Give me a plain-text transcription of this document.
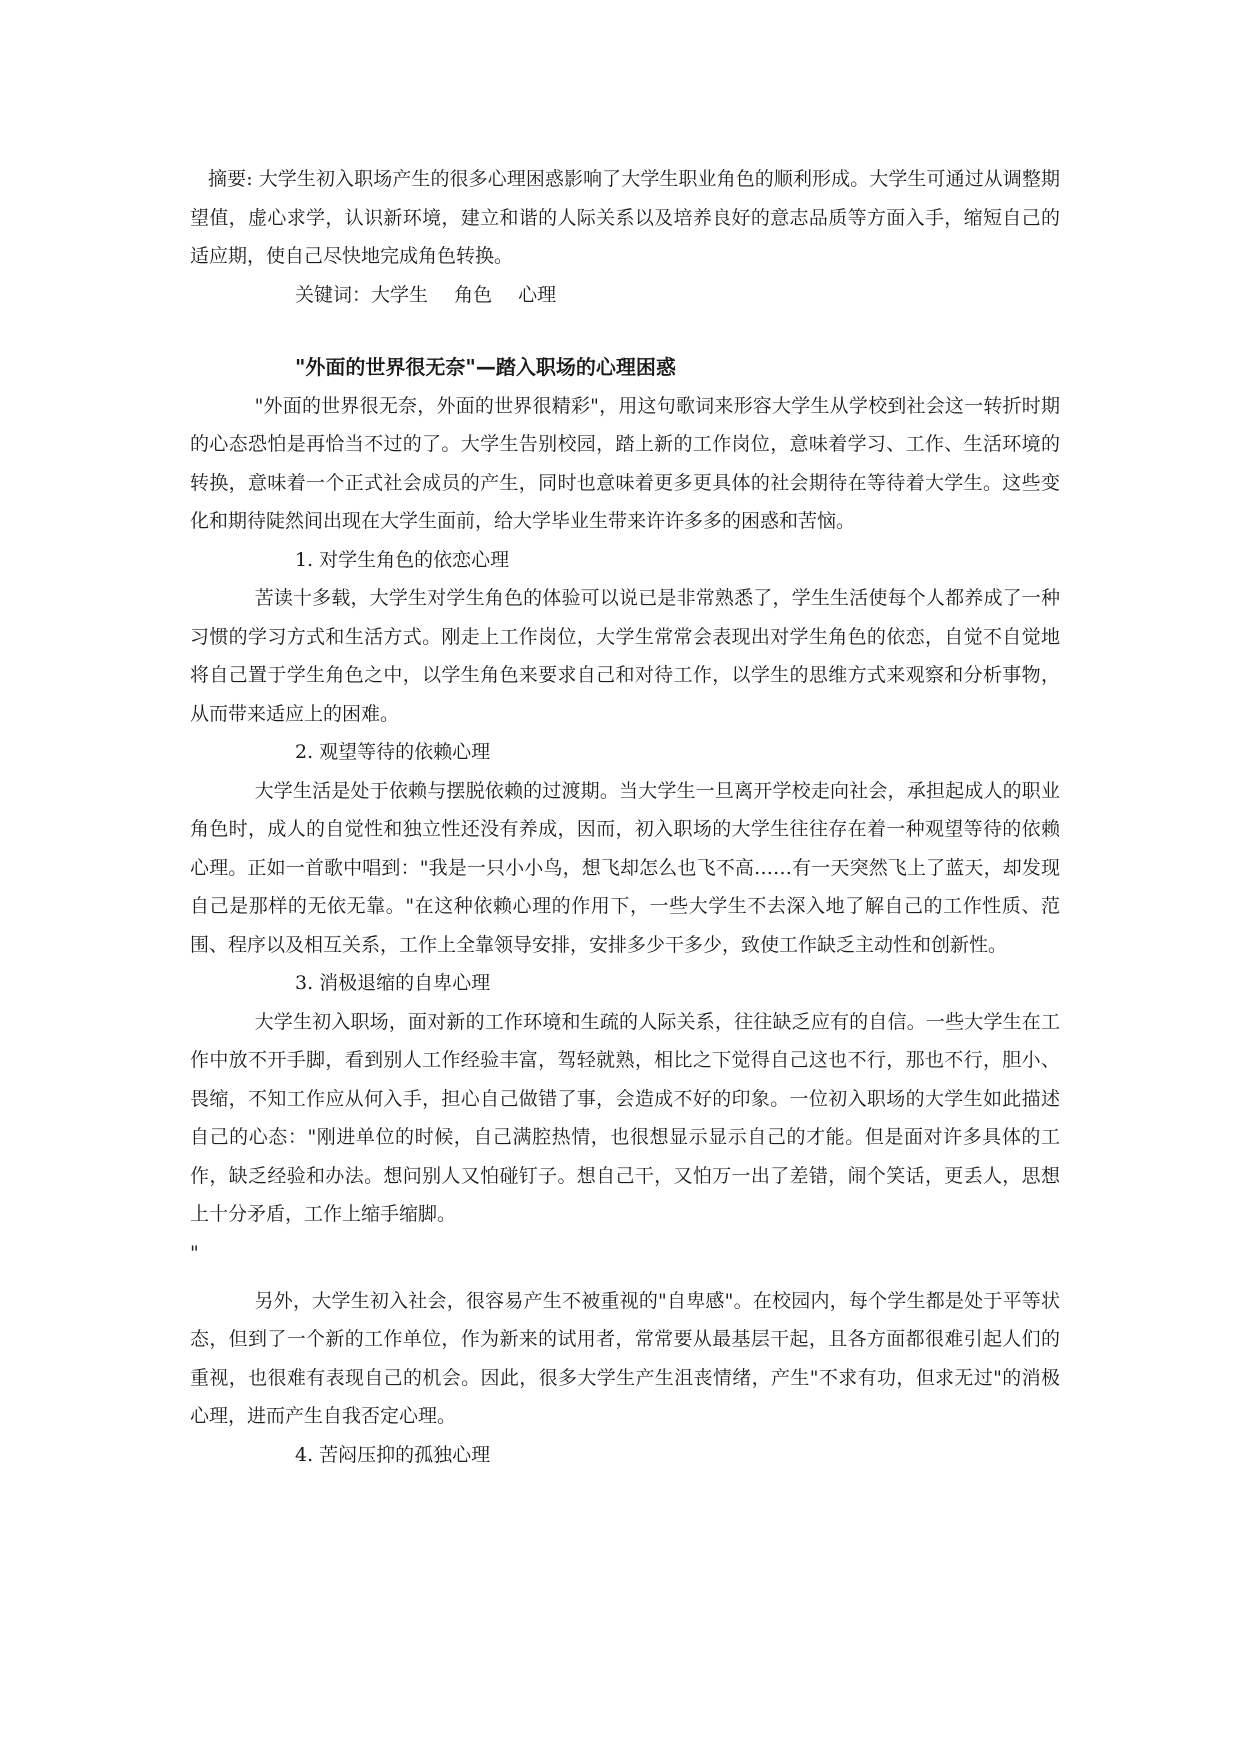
摘要: 大学生初入职场产生的很多心理困惑影响了大学生职业角色的顺利形成。大学生可通过从调整期望值，虚心求学，认识新环境，建立和谐的人际关系以及培养良好的意志品质等方面入手，缩短自己的适应期，使自己尽快地完成角色转换。

关键词：大学生 角色 心理

"外面的世界很无奈"—踏入职场的心理困惑

"外面的世界很无奈，外面的世界很精彩"，用这句歌词来形容大学生从学校到社会这一转折时期的心态恐怕是再恰当不过的了。大学生告别校园，踏上新的工作岗位，意味着学习、工作、生活环境的转换，意味着一个正式社会成员的产生，同时也意味着更多更具体的社会期待在等待着大学生。这些变化和期待陡然间出现在大学生面前，给大学毕业生带来许许多多的困惑和苦恼。

1. 对学生角色的依恋心理

苦读十多载，大学生对学生角色的体验可以说已是非常熟悉了，学生生活使每个人都养成了一种习惯的学习方式和生活方式。刚走上工作岗位，大学生常常会表现出对学生角色的依恋，自觉不自觉地将自己置于学生角色之中，以学生角色来要求自己和对待工作，以学生的思维方式来观察和分析事物，从而带来适应上的困难。

2. 观望等待的依赖心理

大学生活是处于依赖与摆脱依赖的过渡期。当大学生一旦离开学校走向社会，承担起成人的职业角色时，成人的自觉性和独立性还没有养成，因而，初入职场的大学生往往存在着一种观望等待的依赖心理。正如一首歌中唱到："我是一只小小鸟，想飞却怎么也飞不高……有一天突然飞上了蓝天，却发现自己是那样的无依无靠。"在这种依赖心理的作用下，一些大学生不去深入地了解自己的工作性质、范围、程序以及相互关系，工作上全靠领导安排，安排多少干多少，致使工作缺乏主动性和创新性。

3. 消极退缩的自卑心理

大学生初入职场，面对新的工作环境和生疏的人际关系，往往缺乏应有的自信。一些大学生在工作中放不开手脚，看到别人工作经验丰富，驾轻就熟，相比之下觉得自己这也不行，那也不行，胆小、畏缩，不知工作应从何入手，担心自己做错了事，会造成不好的印象。一位初入职场的大学生如此描述自己的心态："刚进单位的时候，自己满腔热情，也很想显示显示自己的才能。但是面对许多具体的工作，缺乏经验和办法。想问别人又怕碰钉子。想自己干，又怕万一出了差错，闹个笑话，更丢人，思想上十分矛盾，工作上缩手缩脚。

"

另外，大学生初入社会，很容易产生不被重视的"自卑感"。在校园内，每个学生都是处于平等状态，但到了一个新的工作单位，作为新来的试用者，常常要从最基层干起，且各方面都很难引起人们的重视，也很难有表现自己的机会。因此，很多大学生产生沮丧情绪，产生"不求有功，但求无过"的消极心理，进而产生自我否定心理。

4. 苦闷压抑的孤独心理
